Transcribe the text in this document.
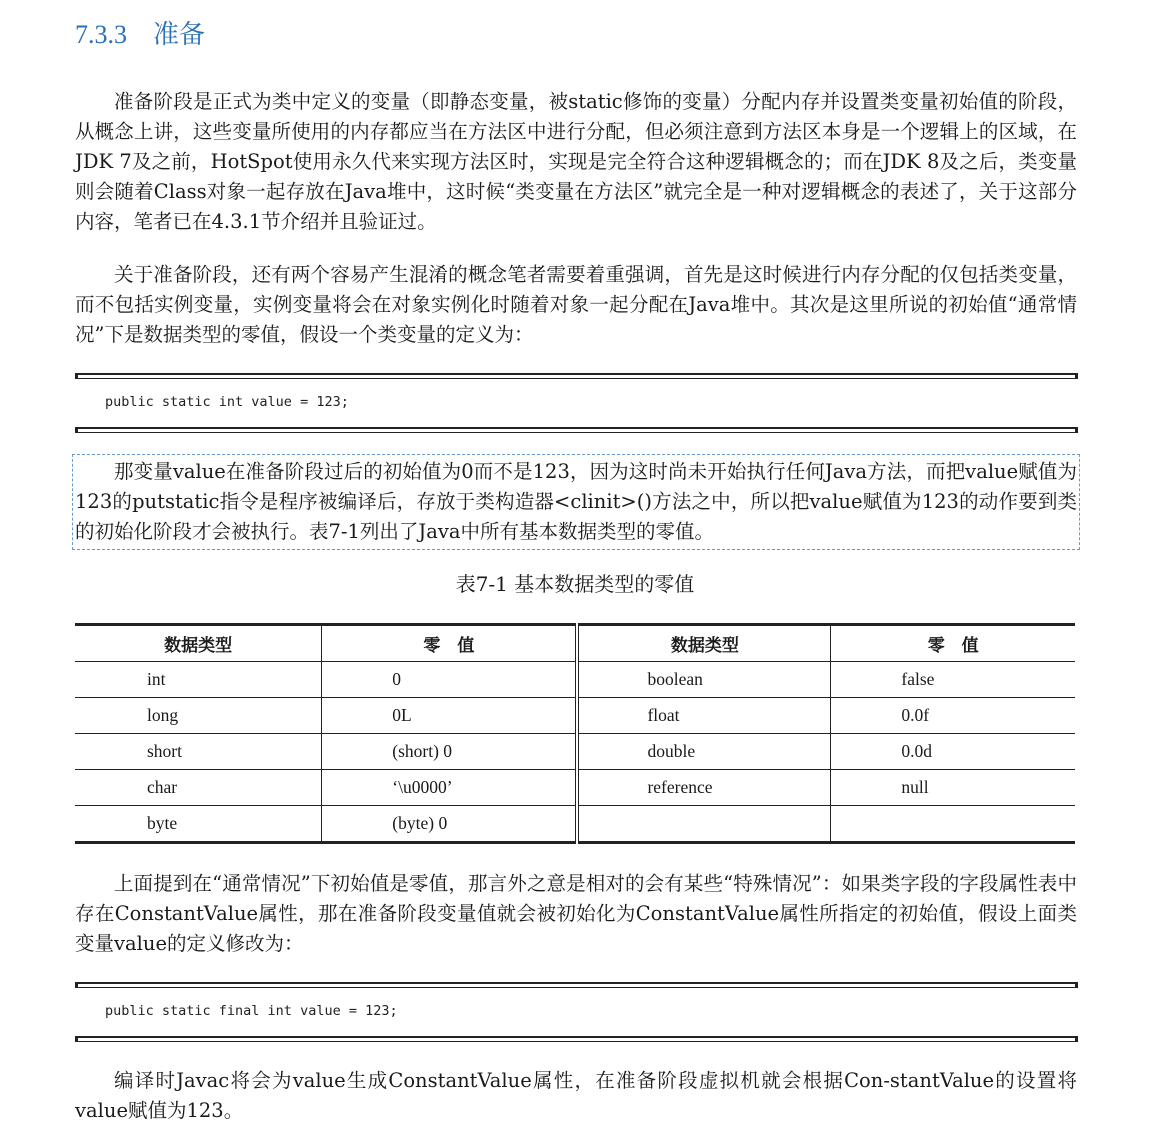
7.3.3 准备

准备阶段是正式为类中定义的变量（即静态变量，被static修饰的变量）分配内存并设置类变量初始值的阶段，从概念上讲，这些变量所使用的内存都应当在方法区中进行分配，但必须注意到方法区本身是一个逻辑上的区域，在JDK 7及之前，HotSpot使用永久代来实现方法区时，实现是完全符合这种逻辑概念的；而在JDK 8及之后，类变量则会随着Class对象一起存放在Java堆中，这时候“类变量在方法区”就完全是一种对逻辑概念的表述了，关于这部分内容，笔者已在4.3.1节介绍并且验证过。

关于准备阶段，还有两个容易产生混淆的概念笔者需要着重强调，首先是这时候进行内存分配的仅包括类变量，而不包括实例变量，实例变量将会在对象实例化时随着对象一起分配在Java堆中。其次是这里所说的初始值“通常情况”下是数据类型的零值，假设一个类变量的定义为：

public static int value = 123;

那变量value在准备阶段过后的初始值为0而不是123，因为这时尚未开始执行任何Java方法，而把value赋值为123的putstatic指令是程序被编译后，存放于类构造器<clinit>()方法之中，所以把value赋值为123的动作要到类的初始化阶段才会被执行。表7-1列出了Java中所有基本数据类型的零值。

表7-1 基本数据类型的零值
数据类型	零　值	数据类型	零　值
int	0	boolean	false
long	0L	float	0.0f
short	(short) 0	double	0.0d
char	‘\u0000’	reference	null
byte	(byte) 0		

上面提到在“通常情况”下初始值是零值，那言外之意是相对的会有某些“特殊情况”：如果类字段的字段属性表中存在ConstantValue属性，那在准备阶段变量值就会被初始化为ConstantValue属性所指定的初始值，假设上面类变量value的定义修改为：

public static final int value = 123;

编译时Javac将会为value生成ConstantValue属性，在准备阶段虚拟机就会根据Con-stantValue的设置将value赋值为123。
